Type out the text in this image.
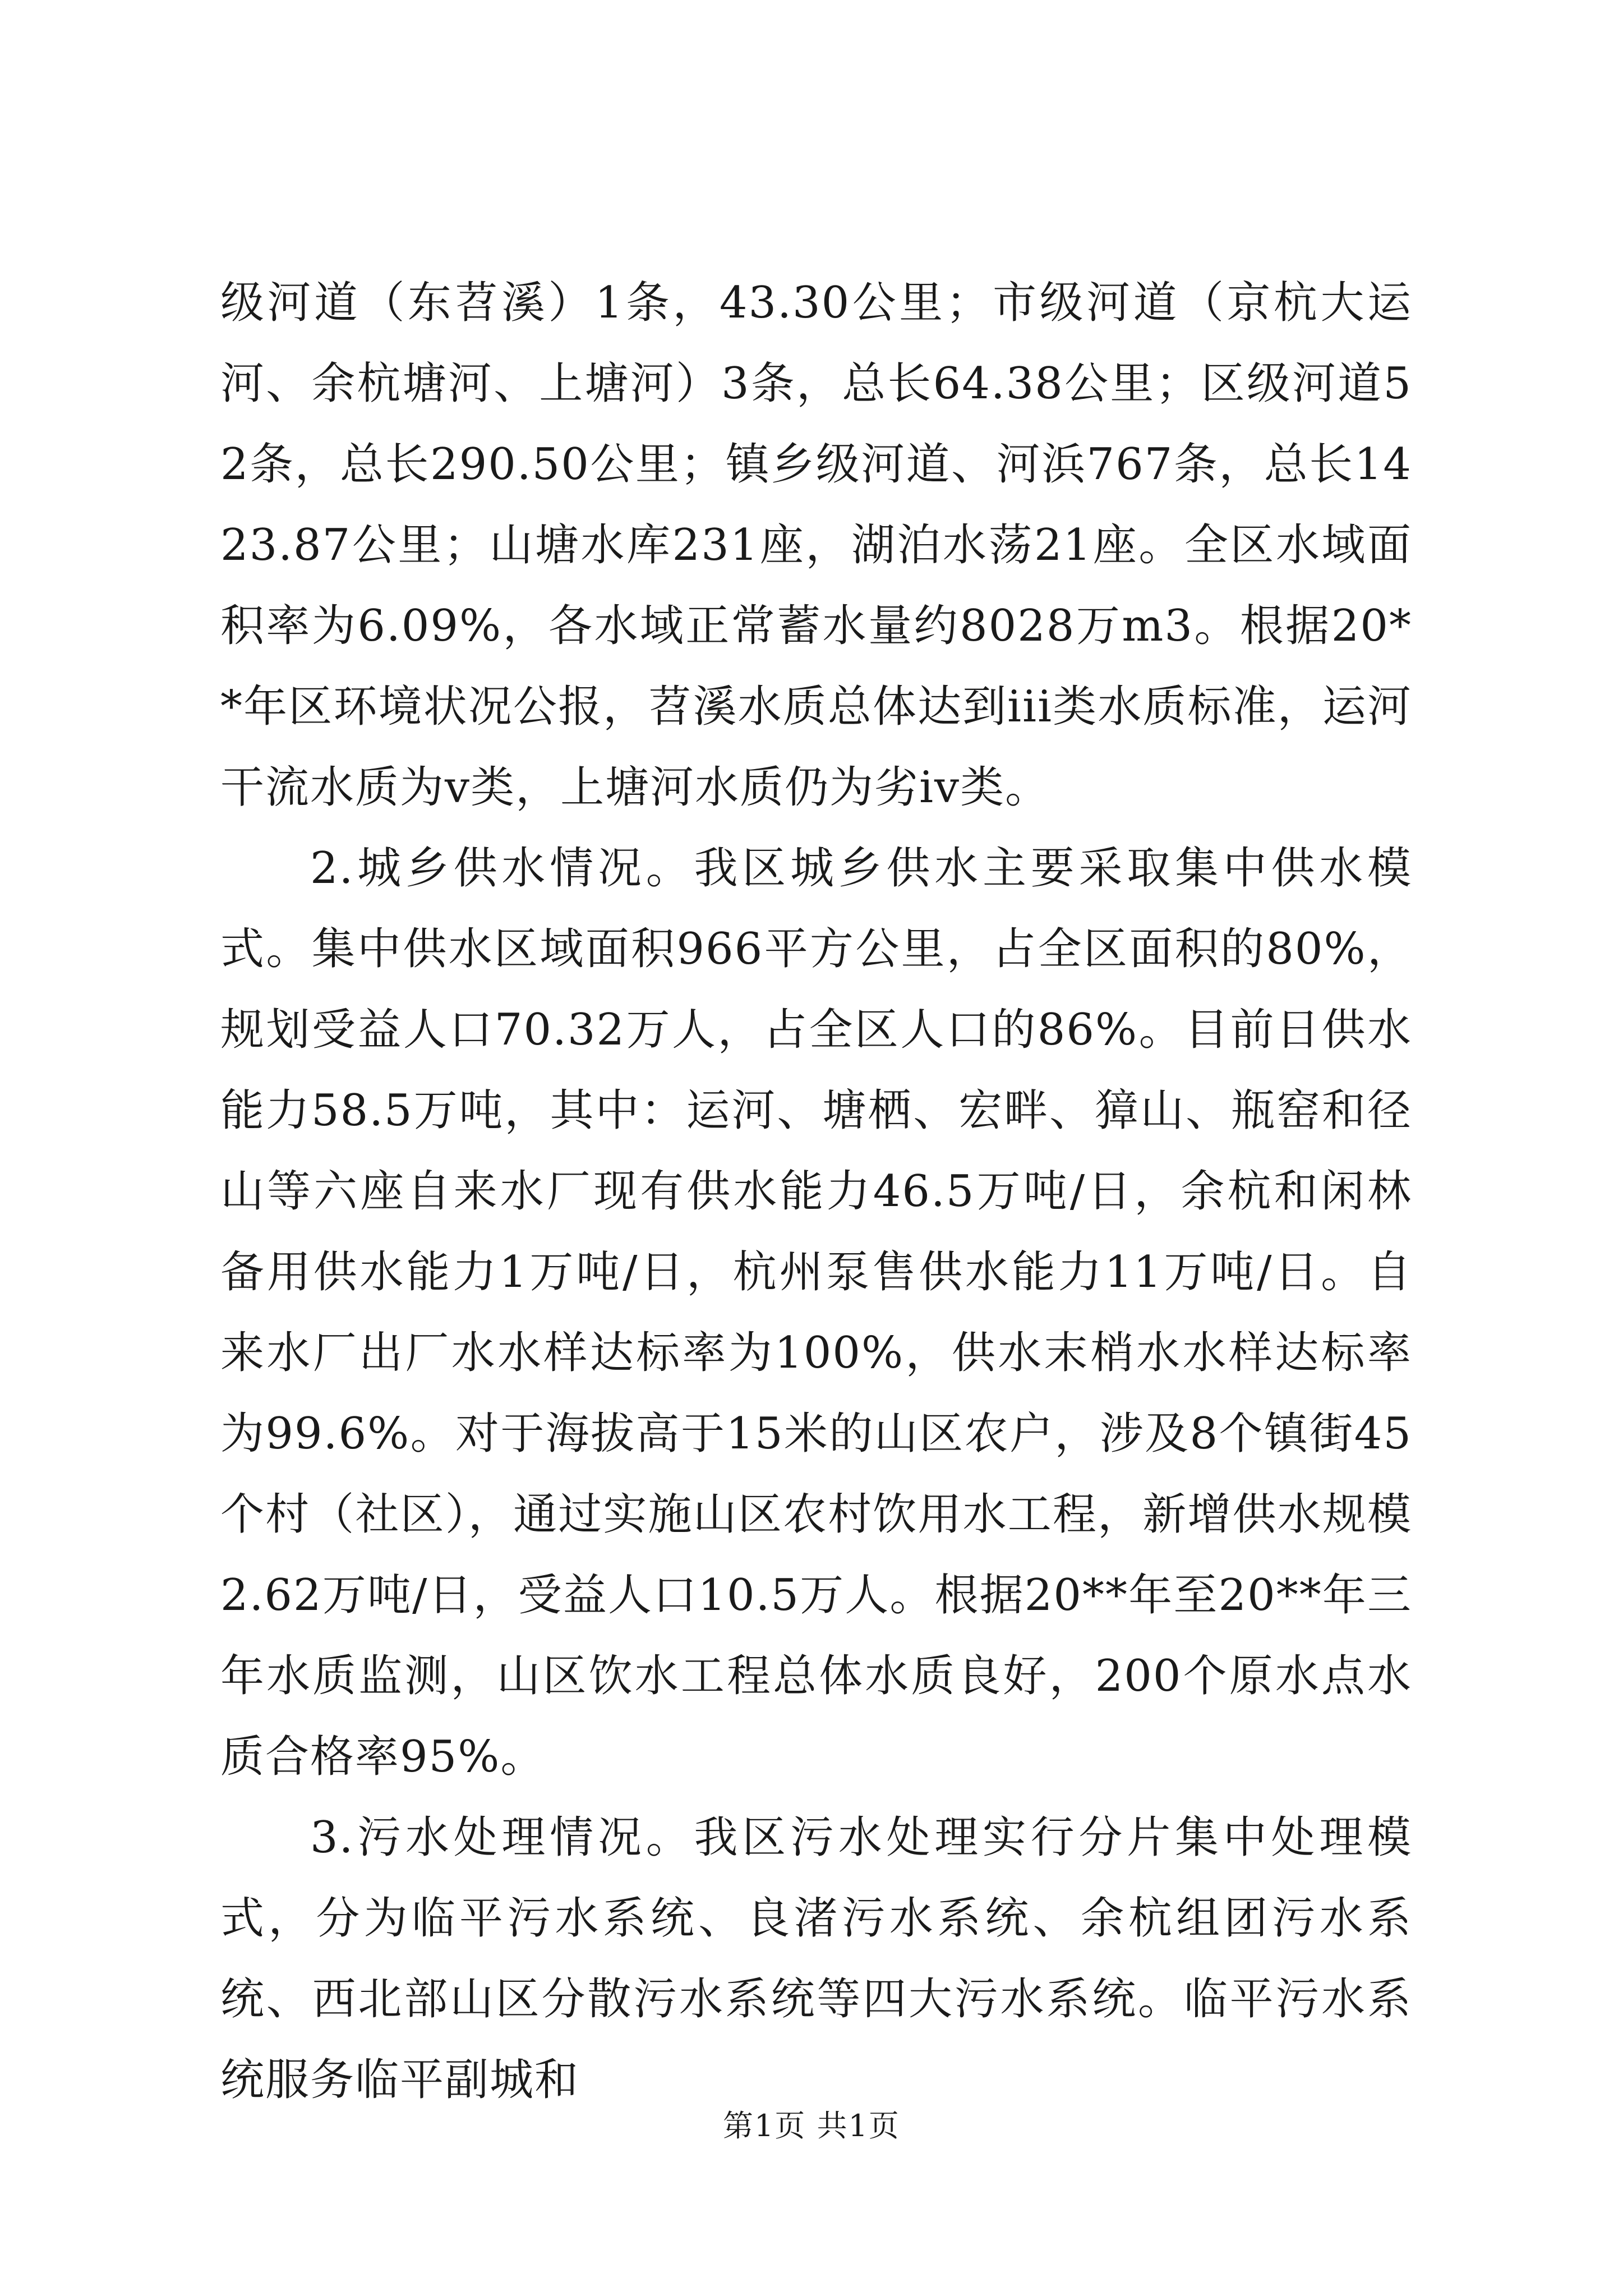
级河道（东苕溪）1条，43.30公里；市级河道（京杭大运河、余杭塘河、上塘河）3条，总长64.38公里；区级河道52条，总长290.50公里；镇乡级河道、河浜767条，总长1423.87公里；山塘水库231座，湖泊水荡21座。全区水域面积率为6.09%，各水域正常蓄水量约8028万m3。根据20**年区环境状况公报，苕溪水质总体达到iii类水质标准，运河干流水质为v类，上塘河水质仍为劣iv类。

2.城乡供水情况。我区城乡供水主要采取集中供水模式。集中供水区域面积966平方公里，占全区面积的80%，规划受益人口70.32万人，占全区人口的86%。目前日供水能力58.5万吨，其中：运河、塘栖、宏畔、獐山、瓶窑和径山等六座自来水厂现有供水能力46.5万吨/日，余杭和闲林备用供水能力1万吨/日，杭州泵售供水能力11万吨/日。自来水厂出厂水水样达标率为100%，供水末梢水水样达标率为99.6%。对于海拔高于15米的山区农户，涉及8个镇街45个村（社区），通过实施山区农村饮用水工程，新增供水规模2.62万吨/日，受益人口10.5万人。根据20**年至20**年三年水质监测，山区饮水工程总体水质良好，200个原水点水质合格率95%。

3.污水处理情况。我区污水处理实行分片集中处理模式，分为临平污水系统、良渚污水系统、余杭组团污水系统、西北部山区分散污水系统等四大污水系统。临平污水系统服务临平副城和

第1页 共1页
